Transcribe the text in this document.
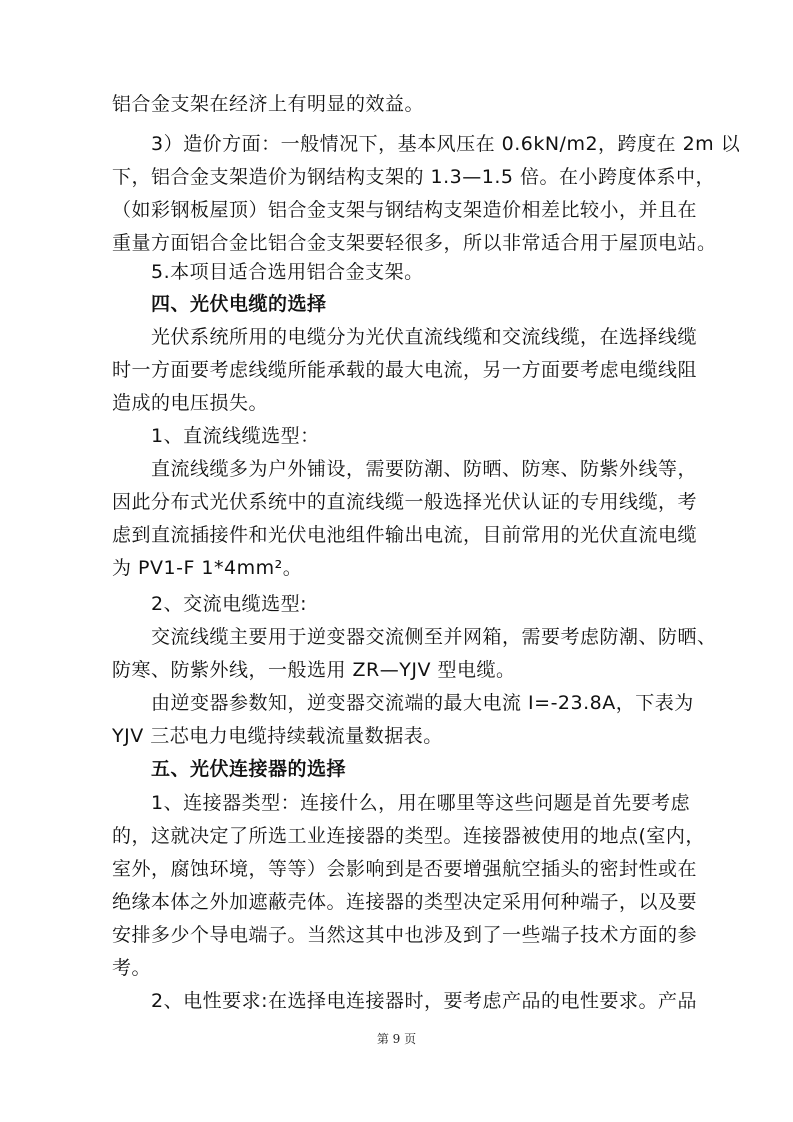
铝合金支架在经济上有明显的效益。
　　3）造价方面：一般情况下，基本风压在 0.6kN/m2，跨度在 2m 以
下，铝合金支架造价为钢结构支架的 1.3—1.5 倍。在小跨度体系中，
（如彩钢板屋顶）铝合金支架与钢结构支架造价相差比较小，并且在
重量方面铝合金比铝合金支架要轻很多，所以非常适合用于屋顶电站。
　　5.本项目适合选用铝合金支架。
　　四、光伏电缆的选择
　　光伏系统所用的电缆分为光伏直流线缆和交流线缆，在选择线缆
时一方面要考虑线缆所能承载的最大电流，另一方面要考虑电缆线阻
造成的电压损失。
　　1、直流线缆选型：
　　直流线缆多为户外铺设，需要防潮、防晒、防寒、防紫外线等，
因此分布式光伏系统中的直流线缆一般选择光伏认证的专用线缆，考
虑到直流插接件和光伏电池组件输出电流，目前常用的光伏直流电缆
为 PV1-F 1*4mm²。
　　2、交流电缆选型:
　　交流线缆主要用于逆变器交流侧至并网箱，需要考虑防潮、防晒、
防寒、防紫外线，一般选用 ZR—YJV 型电缆。
　　由逆变器参数知，逆变器交流端的最大电流 I=-23.8A，下表为
YJV 三芯电力电缆持续载流量数据表。
　　五、光伏连接器的选择
　　1、连接器类型：连接什么，用在哪里等这些问题是首先要考虑
的，这就决定了所选工业连接器的类型。连接器被使用的地点(室内，
室外，腐蚀环境，等等）会影响到是否要增强航空插头的密封性或在
绝缘本体之外加遮蔽壳体。连接器的类型决定采用何种端子，以及要
安排多少个导电端子。当然这其中也涉及到了一些端子技术方面的参
考。
　　2、电性要求:在选择电连接器时，要考虑产品的电性要求。产品
第 9 页
